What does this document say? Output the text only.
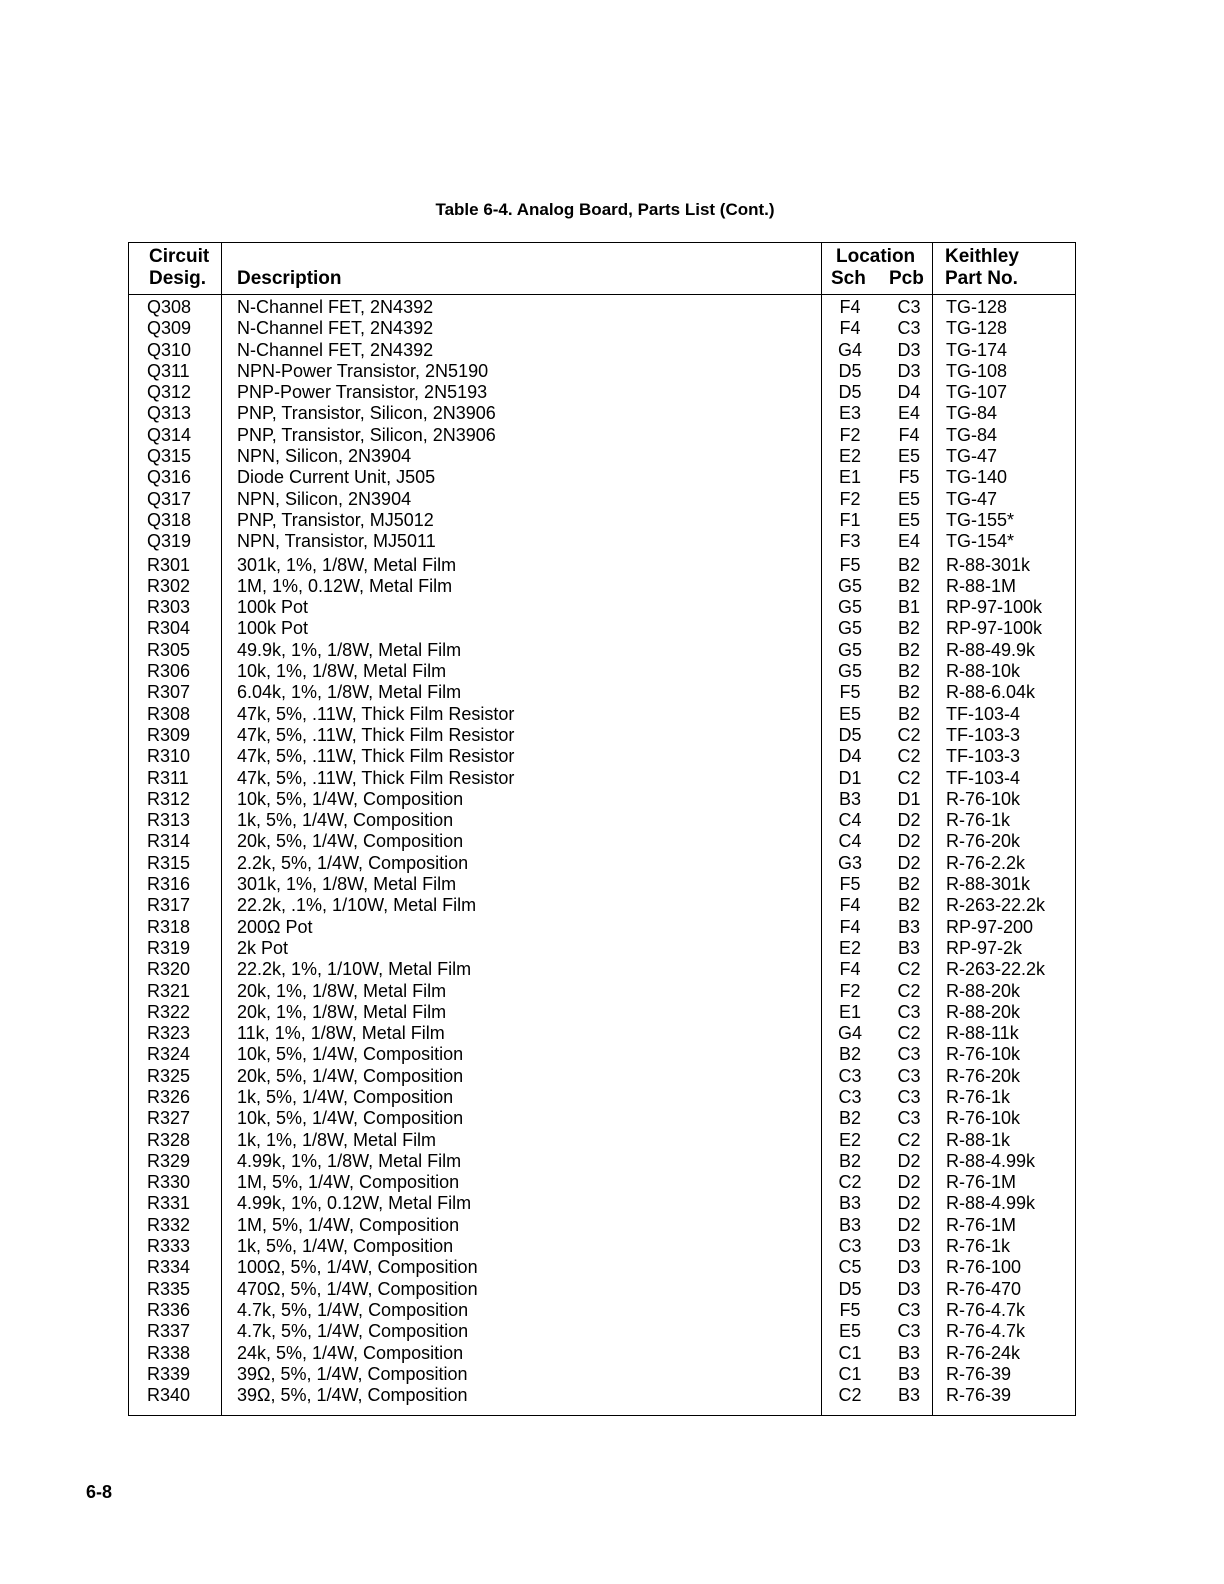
Table 6-4. Analog Board, Parts List (Cont.)
Circuit
Desig. Description
Location
Sch Pcb
Keithley
Part No.
Q308	N-Channel FET, 2N4392	F4 C3 TG-128
Q309	N-Channel FET, 2N4392	F4 C3 TG-128
Q310	N-Channel FET, 2N4392	G4 D3 TG-174
Q311	NPN-Power Transistor, 2N5190	D5 D3 TG-108
Q312	PNP-Power Transistor, 2N5193	D5 D4 TG-107
Q313	PNP, Transistor, Silicon, 2N3906	E3 E4 TG-84
Q314	PNP, Transistor, Silicon, 2N3906	F2 F4 TG-84
Q315	NPN, Silicon, 2N3904	E2 E5 TG-47
Q316	Diode Current Unit, J505	E1 F5 TG-140
Q317	NPN, Silicon, 2N3904	F2 E5 TG-47
Q318	PNP, Transistor, MJ5012	F1 E5 TG-155*
Q319	NPN, Transistor, MJ5011	F3 E4 TG-154*
R301	301k, 1%, 1/8W, Metal Film	F5 B2 R-88-301k
R302	1M, 1%, 0.12W, Metal Film	G5 B2 R-88-1M
R303	100k Pot	G5 B1 RP-97-100k
R304	100k Pot	G5 B2 RP-97-100k
R305	49.9k, 1%, 1/8W, Metal Film	G5 B2 R-88-49.9k
R306	10k, 1%, 1/8W, Metal Film	G5 B2 R-88-10k
R307	6.04k, 1%, 1/8W, Metal Film	F5 B2 R-88-6.04k
R308	47k, 5%, .11W, Thick Film Resistor	E5 B2 TF-103-4
R309	47k, 5%, .11W, Thick Film Resistor	D5 C2 TF-103-3
R310	47k, 5%, .11W, Thick Film Resistor	D4 C2 TF-103-3
R311	47k, 5%, .11W, Thick Film Resistor	D1 C2 TF-103-4
R312	10k, 5%, 1/4W, Composition	B3 D1 R-76-10k
R313	1k, 5%, 1/4W, Composition	C4 D2 R-76-1k
R314	20k, 5%, 1/4W, Composition	C4 D2 R-76-20k
R315	2.2k, 5%, 1/4W, Composition	G3 D2 R-76-2.2k
R316	301k, 1%, 1/8W, Metal Film	F5 B2 R-88-301k
R317	22.2k, .1%, 1/10W, Metal Film	F4 B2 R-263-22.2k
R318	200Ω Pot	F4 B3 RP-97-200
R319	2k Pot	E2 B3 RP-97-2k
R320	22.2k, 1%, 1/10W, Metal Film	F4 C2 R-263-22.2k
R321	20k, 1%, 1/8W, Metal Film	F2 C2 R-88-20k
R322	20k, 1%, 1/8W, Metal Film	E1 C3 R-88-20k
R323	11k, 1%, 1/8W, Metal Film	G4 C2 R-88-11k
R324	10k, 5%, 1/4W, Composition	B2 C3 R-76-10k
R325	20k, 5%, 1/4W, Composition	C3 C3 R-76-20k
R326	1k, 5%, 1/4W, Composition	C3 C3 R-76-1k
R327	10k, 5%, 1/4W, Composition	B2 C3 R-76-10k
R328	1k, 1%, 1/8W, Metal Film	E2 C2 R-88-1k
R329	4.99k, 1%, 1/8W, Metal Film	B2 D2 R-88-4.99k
R330	1M, 5%, 1/4W, Composition	C2 D2 R-76-1M
R331	4.99k, 1%, 0.12W, Metal Film	B3 D2 R-88-4.99k
R332	1M, 5%, 1/4W, Composition	B3 D2 R-76-1M
R333	1k, 5%, 1/4W, Composition	C3 D3 R-76-1k
R334	100Ω, 5%, 1/4W, Composition	C5 D3 R-76-100
R335	470Ω, 5%, 1/4W, Composition	D5 D3 R-76-470
R336	4.7k, 5%, 1/4W, Composition	F5 C3 R-76-4.7k
R337	4.7k, 5%, 1/4W, Composition	E5 C3 R-76-4.7k
R338	24k, 5%, 1/4W, Composition	C1 B3 R-76-24k
R339	39Ω, 5%, 1/4W, Composition	C1 B3 R-76-39
R340	39Ω, 5%, 1/4W, Composition	C2 B3 R-76-39
6-8
